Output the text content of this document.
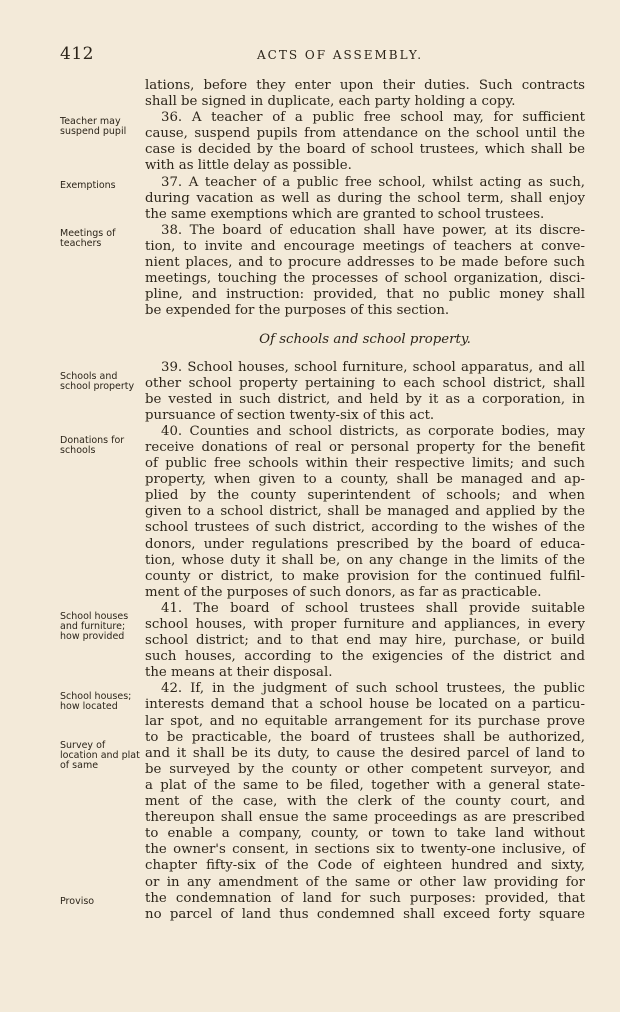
412	ACTS OF ASSEMBLY.
Teacher may suspend pupil
Exemptions
Meetings of teachers
Schools and school property
Donations for schools
School houses and furniture; how provided
School houses; how located
Survey of location and plat of same
Proviso
lations, before they enter upon their duties. Such contracts
shall be signed in duplicate, each party holding a copy.
36. A teacher of a public free school may, for sufficient
cause, suspend pupils from attendance on the school until the
case is decided by the board of school trustees, which shall be
with as little delay as possible.
37. A teacher of a public free school, whilst acting as such,
during vacation as well as during the school term, shall enjoy
the same exemptions which are granted to school trustees.
38. The board of education shall have power, at its discre-
tion, to invite and encourage meetings of teachers at conve-
nient places, and to procure addresses to be made before such
meetings, touching the processes of school organization, disci-
pline, and instruction: provided, that no public money shall
be expended for the purposes of this section.
Of schools and school property.
39. School houses, school furniture, school apparatus, and all
other school property pertaining to each school district, shall
be vested in such district, and held by it as a corporation, in
pursuance of section twenty-six of this act.
40. Counties and school districts, as corporate bodies, may
receive donations of real or personal property for the benefit
of public free schools within their respective limits; and such
property, when given to a county, shall be managed and ap-
plied by the county superintendent of schools; and when
given to a school district, shall be managed and applied by the
school trustees of such district, according to the wishes of the
donors, under regulations prescribed by the board of educa-
tion, whose duty it shall be, on any change in the limits of the
county or district, to make provision for the continued fulfil-
ment of the purposes of such donors, as far as practicable.
41. The board of school trustees shall provide suitable
school houses, with proper furniture and appliances, in every
school district; and to that end may hire, purchase, or build
such houses, according to the exigencies of the district and
the means at their disposal.
42. If, in the judgment of such school trustees, the public
interests demand that a school house be located on a particu-
lar spot, and no equitable arrangement for its purchase prove
to be practicable, the board of trustees shall be authorized,
and it shall be its duty, to cause the desired parcel of land to
be surveyed by the county or other competent surveyor, and
a plat of the same to be filed, together with a general state-
ment of the case, with the clerk of the county court, and
thereupon shall ensue the same proceedings as are prescribed
to enable a company, county, or town to take land without
the owner's consent, in sections six to twenty-one inclusive, of
chapter fifty-six of the Code of eighteen hundred and sixty,
or in any amendment of the same or other law providing for
the condemnation of land for such purposes: provided, that
no parcel of land thus condemned shall exceed forty square
